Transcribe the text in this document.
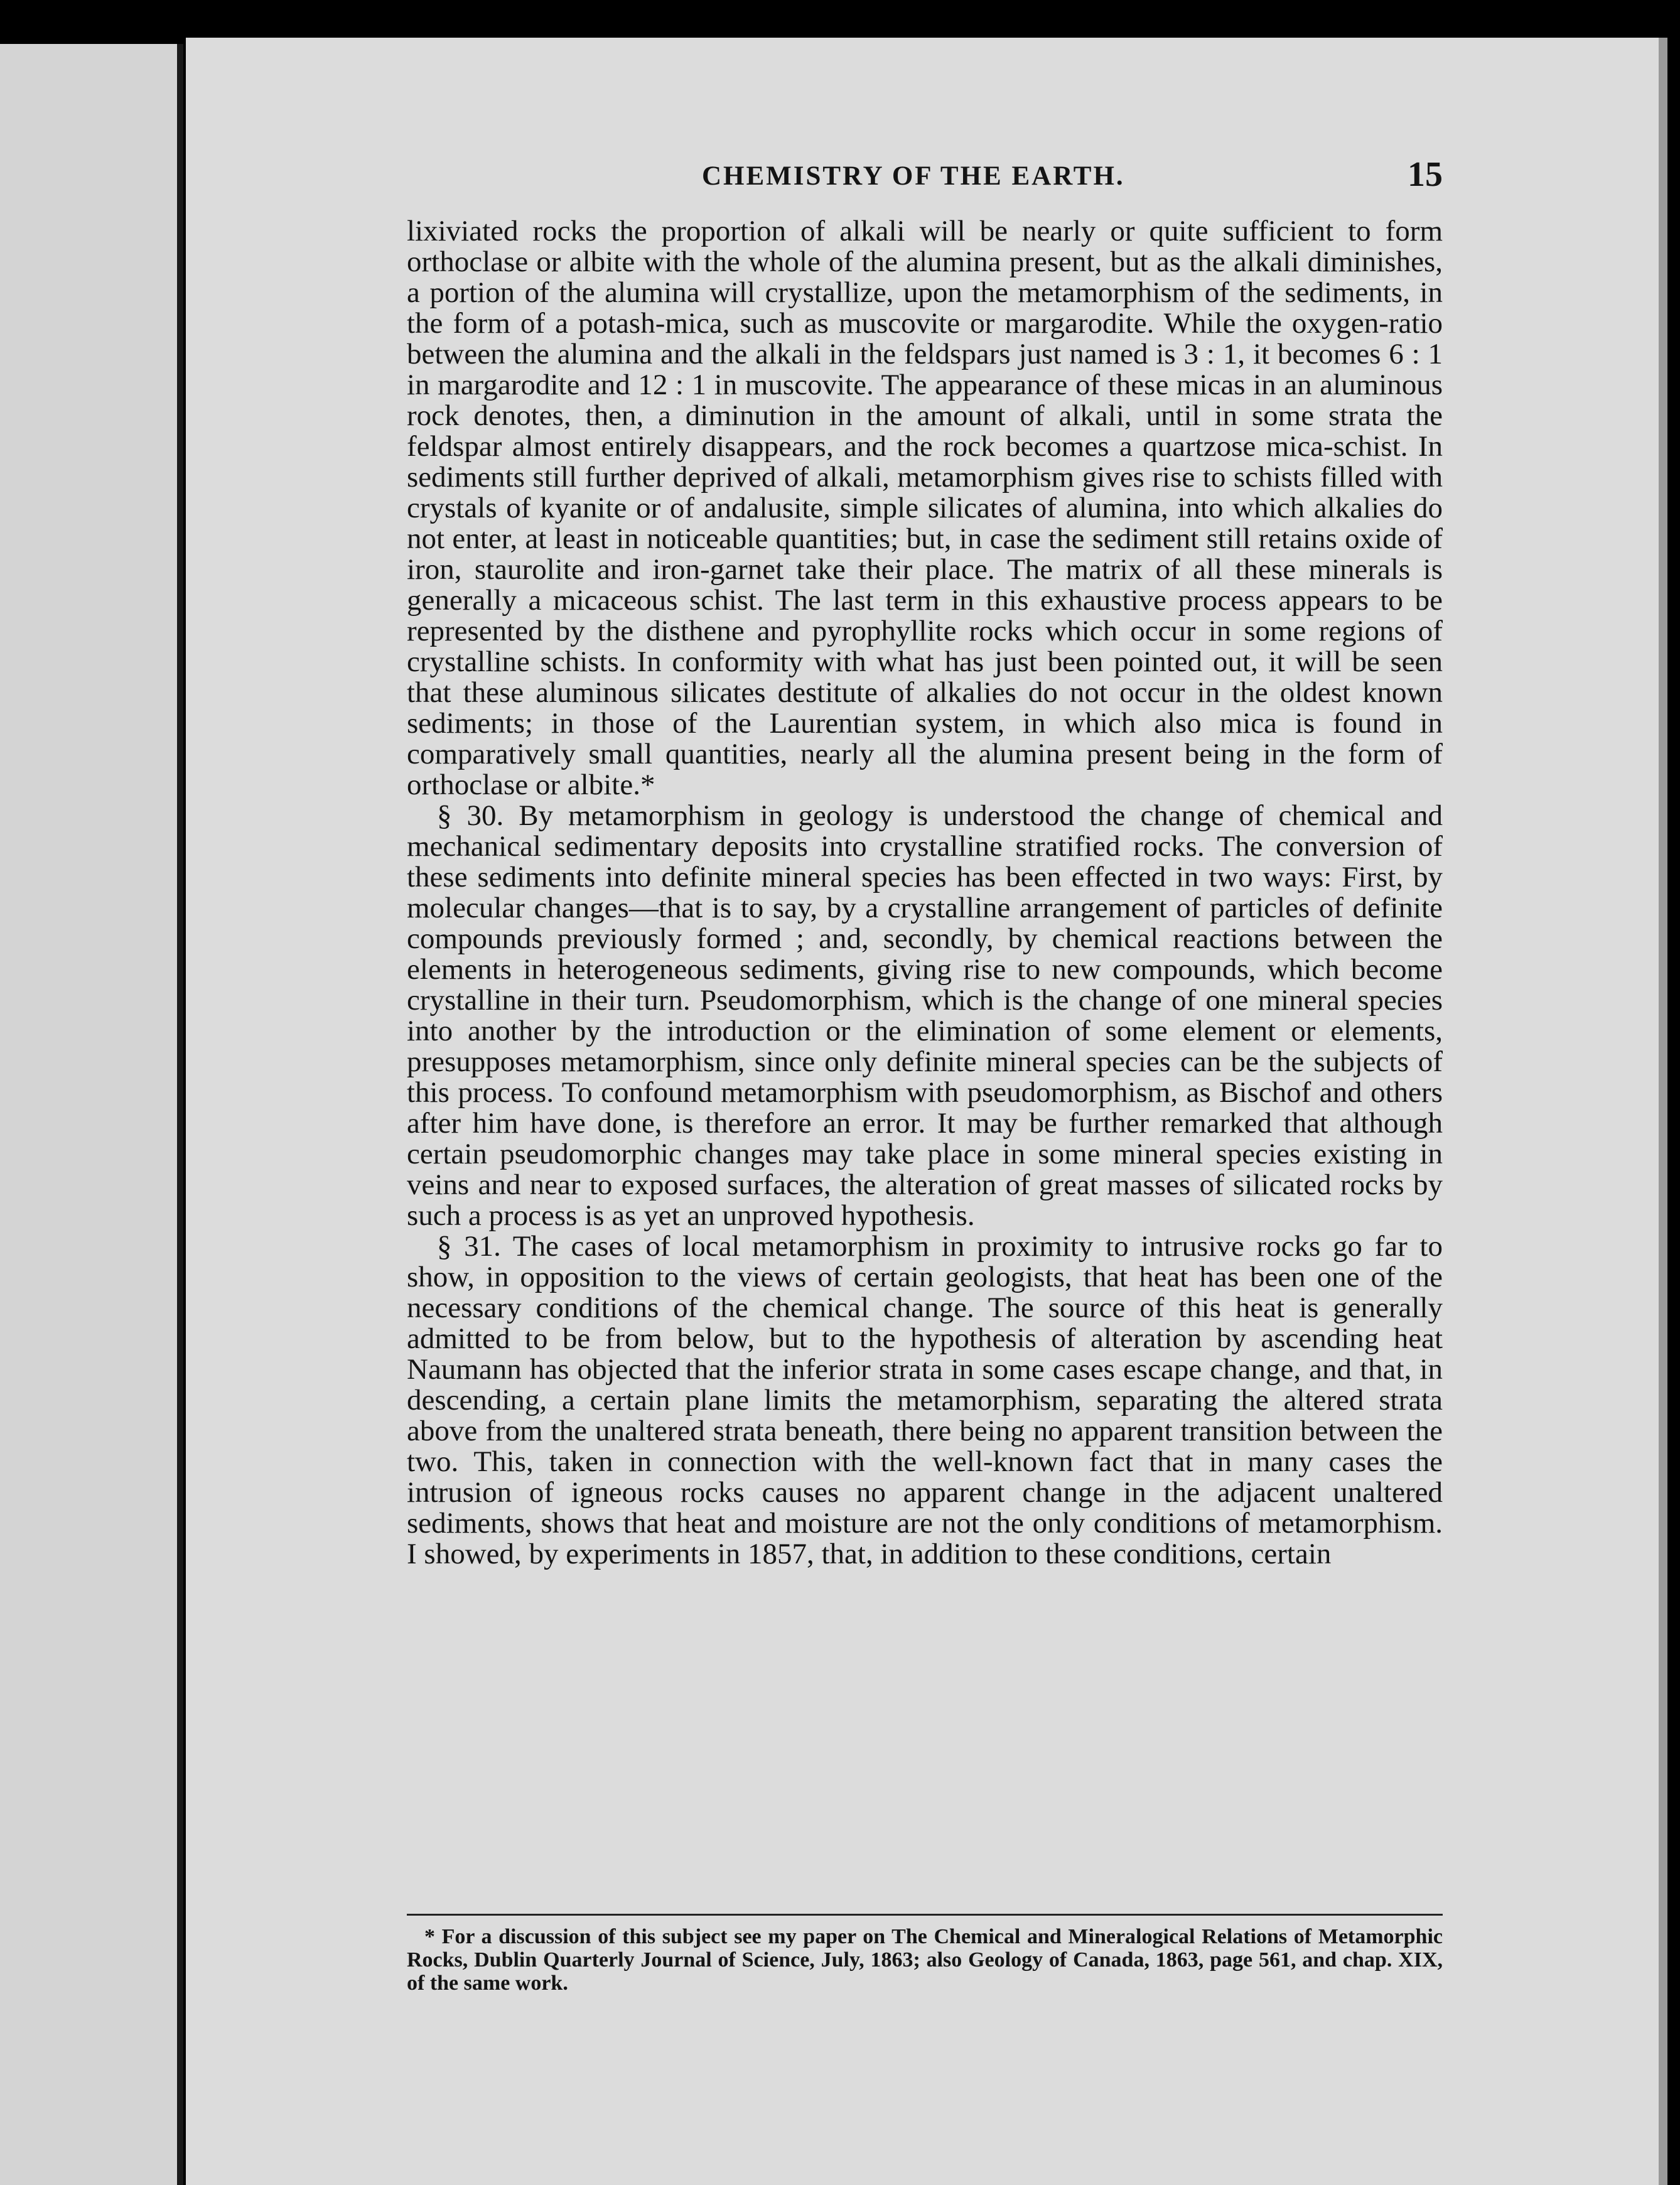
CHEMISTRY OF THE EARTH.	15

lixiviated rocks the proportion of alkali will be nearly or quite sufficient to form orthoclase or albite with the whole of the alumina present, but as the alkali diminishes, a portion of the alumina will crystallize, upon the metamorphism of the sediments, in the form of a potash-mica, such as muscovite or margarodite. While the oxygen-ratio between the alumina and the alkali in the feldspars just named is 3 : 1, it becomes 6 : 1 in margarodite and 12 : 1 in muscovite. The appearance of these micas in an aluminous rock denotes, then, a diminution in the amount of alkali, until in some strata the feldspar almost entirely disappears, and the rock becomes a quartzose mica-schist. In sediments still further deprived of alkali, metamorphism gives rise to schists filled with crystals of kyanite or of andalusite, simple silicates of alumina, into which alkalies do not enter, at least in noticeable quantities; but, in case the sediment still retains oxide of iron, staurolite and iron-garnet take their place. The matrix of all these minerals is generally a micaceous schist. The last term in this exhaustive process appears to be represented by the disthene and pyrophyllite rocks which occur in some regions of crystalline schists. In conformity with what has just been pointed out, it will be seen that these aluminous silicates destitute of alkalies do not occur in the oldest known sediments; in those of the Laurentian system, in which also mica is found in comparatively small quantities, nearly all the alumina present being in the form of orthoclase or albite.*

§ 30. By metamorphism in geology is understood the change of chemical and mechanical sedimentary deposits into crystalline stratified rocks. The conversion of these sediments into definite mineral species has been effected in two ways: First, by molecular changes—that is to say, by a crystalline arrangement of particles of definite compounds previously formed ; and, secondly, by chemical reactions between the elements in heterogeneous sediments, giving rise to new compounds, which become crystalline in their turn. Pseudomorphism, which is the change of one mineral species into another by the introduction or the elimination of some element or elements, presupposes metamorphism, since only definite mineral species can be the subjects of this process. To confound metamorphism with pseudomorphism, as Bischof and others after him have done, is therefore an error. It may be further remarked that although certain pseudomorphic changes may take place in some mineral species existing in veins and near to exposed surfaces, the alteration of great masses of silicated rocks by such a process is as yet an unproved hypothesis.

§ 31. The cases of local metamorphism in proximity to intrusive rocks go far to show, in opposition to the views of certain geologists, that heat has been one of the necessary conditions of the chemical change. The source of this heat is generally admitted to be from below, but to the hypothesis of alteration by ascending heat Naumann has objected that the inferior strata in some cases escape change, and that, in descending, a certain plane limits the metamorphism, separating the altered strata above from the unaltered strata beneath, there being no apparent transition between the two. This, taken in connection with the well-known fact that in many cases the intrusion of igneous rocks causes no apparent change in the adjacent unaltered sediments, shows that heat and moisture are not the only conditions of metamorphism. I showed, by experiments in 1857, that, in addition to these conditions, certain

* For a discussion of this subject see my paper on The Chemical and Mineralogical Relations of Metamorphic Rocks, Dublin Quarterly Journal of Science, July, 1863; also Geology of Canada, 1863, page 561, and chap. XIX, of the same work.
